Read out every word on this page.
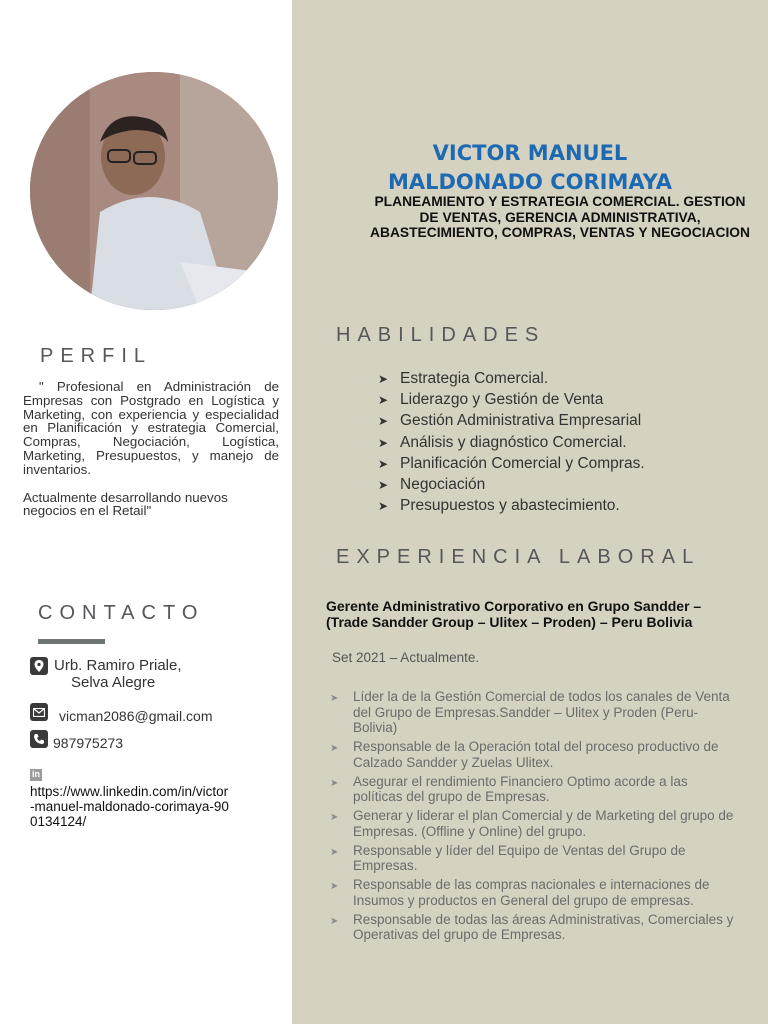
PERFIL

" Profesional en Administración de Empresas con Postgrado en Logística y Marketing, con experiencia y especialidad en Planificación y estrategia Comercial, Compras, Negociación, Logística, Marketing, Presupuestos, y manejo de inventarios.

Actualmente desarrollando nuevos negocios en el Retail"

CONTACTO
Urb. Ramiro Priale,
Selva Alegre
vicman2086@gmail.com
987975273
in
https://www.linkedin.com/in/victor-manuel-maldonado-corimaya-900134124/
VICTOR MANUEL
MALDONADO CORIMAYA
PLANEAMIENTO Y ESTRATEGIA COMERCIAL. GESTION DE VENTAS, GERENCIA ADMINISTRATIVA, ABASTECIMIENTO, COMPRAS, VENTAS Y NEGOCIACION
HABILIDADES
➤ Estrategia Comercial.
➤ Liderazgo y Gestión de Venta
➤ Gestión Administrativa Empresarial
➤ Análisis y diagnóstico Comercial.
➤ Planificación Comercial y Compras.
➤ Negociación
➤ Presupuestos y abastecimiento.
EXPERIENCIA LABORAL
Gerente Administrativo Corporativo en Grupo Sandder – (Trade Sandder Group – Ulitex – Proden) – Peru Bolivia
Set 2021 – Actualmente.
➤	Líder la de la Gestión Comercial de todos los canales de Venta del Grupo de Empresas.Sandder – Ulitex y Proden (Peru-Bolivia)
➤	Responsable de la Operación total del proceso productivo de Calzado Sandder y Zuelas Ulitex.
➤	Asegurar el rendimiento Financiero Optimo acorde a las políticas del grupo de Empresas.
➤	Generar y liderar el plan Comercial y de Marketing del grupo de Empresas. (Offline y Online) del grupo.
➤	Responsable y líder del Equipo de Ventas del Grupo de Empresas.
➤	Responsable de las compras nacionales e internaciones de Insumos y productos en General del grupo de empresas.
➤	Responsable de todas las áreas Administrativas, Comerciales y Operativas del grupo de Empresas.
